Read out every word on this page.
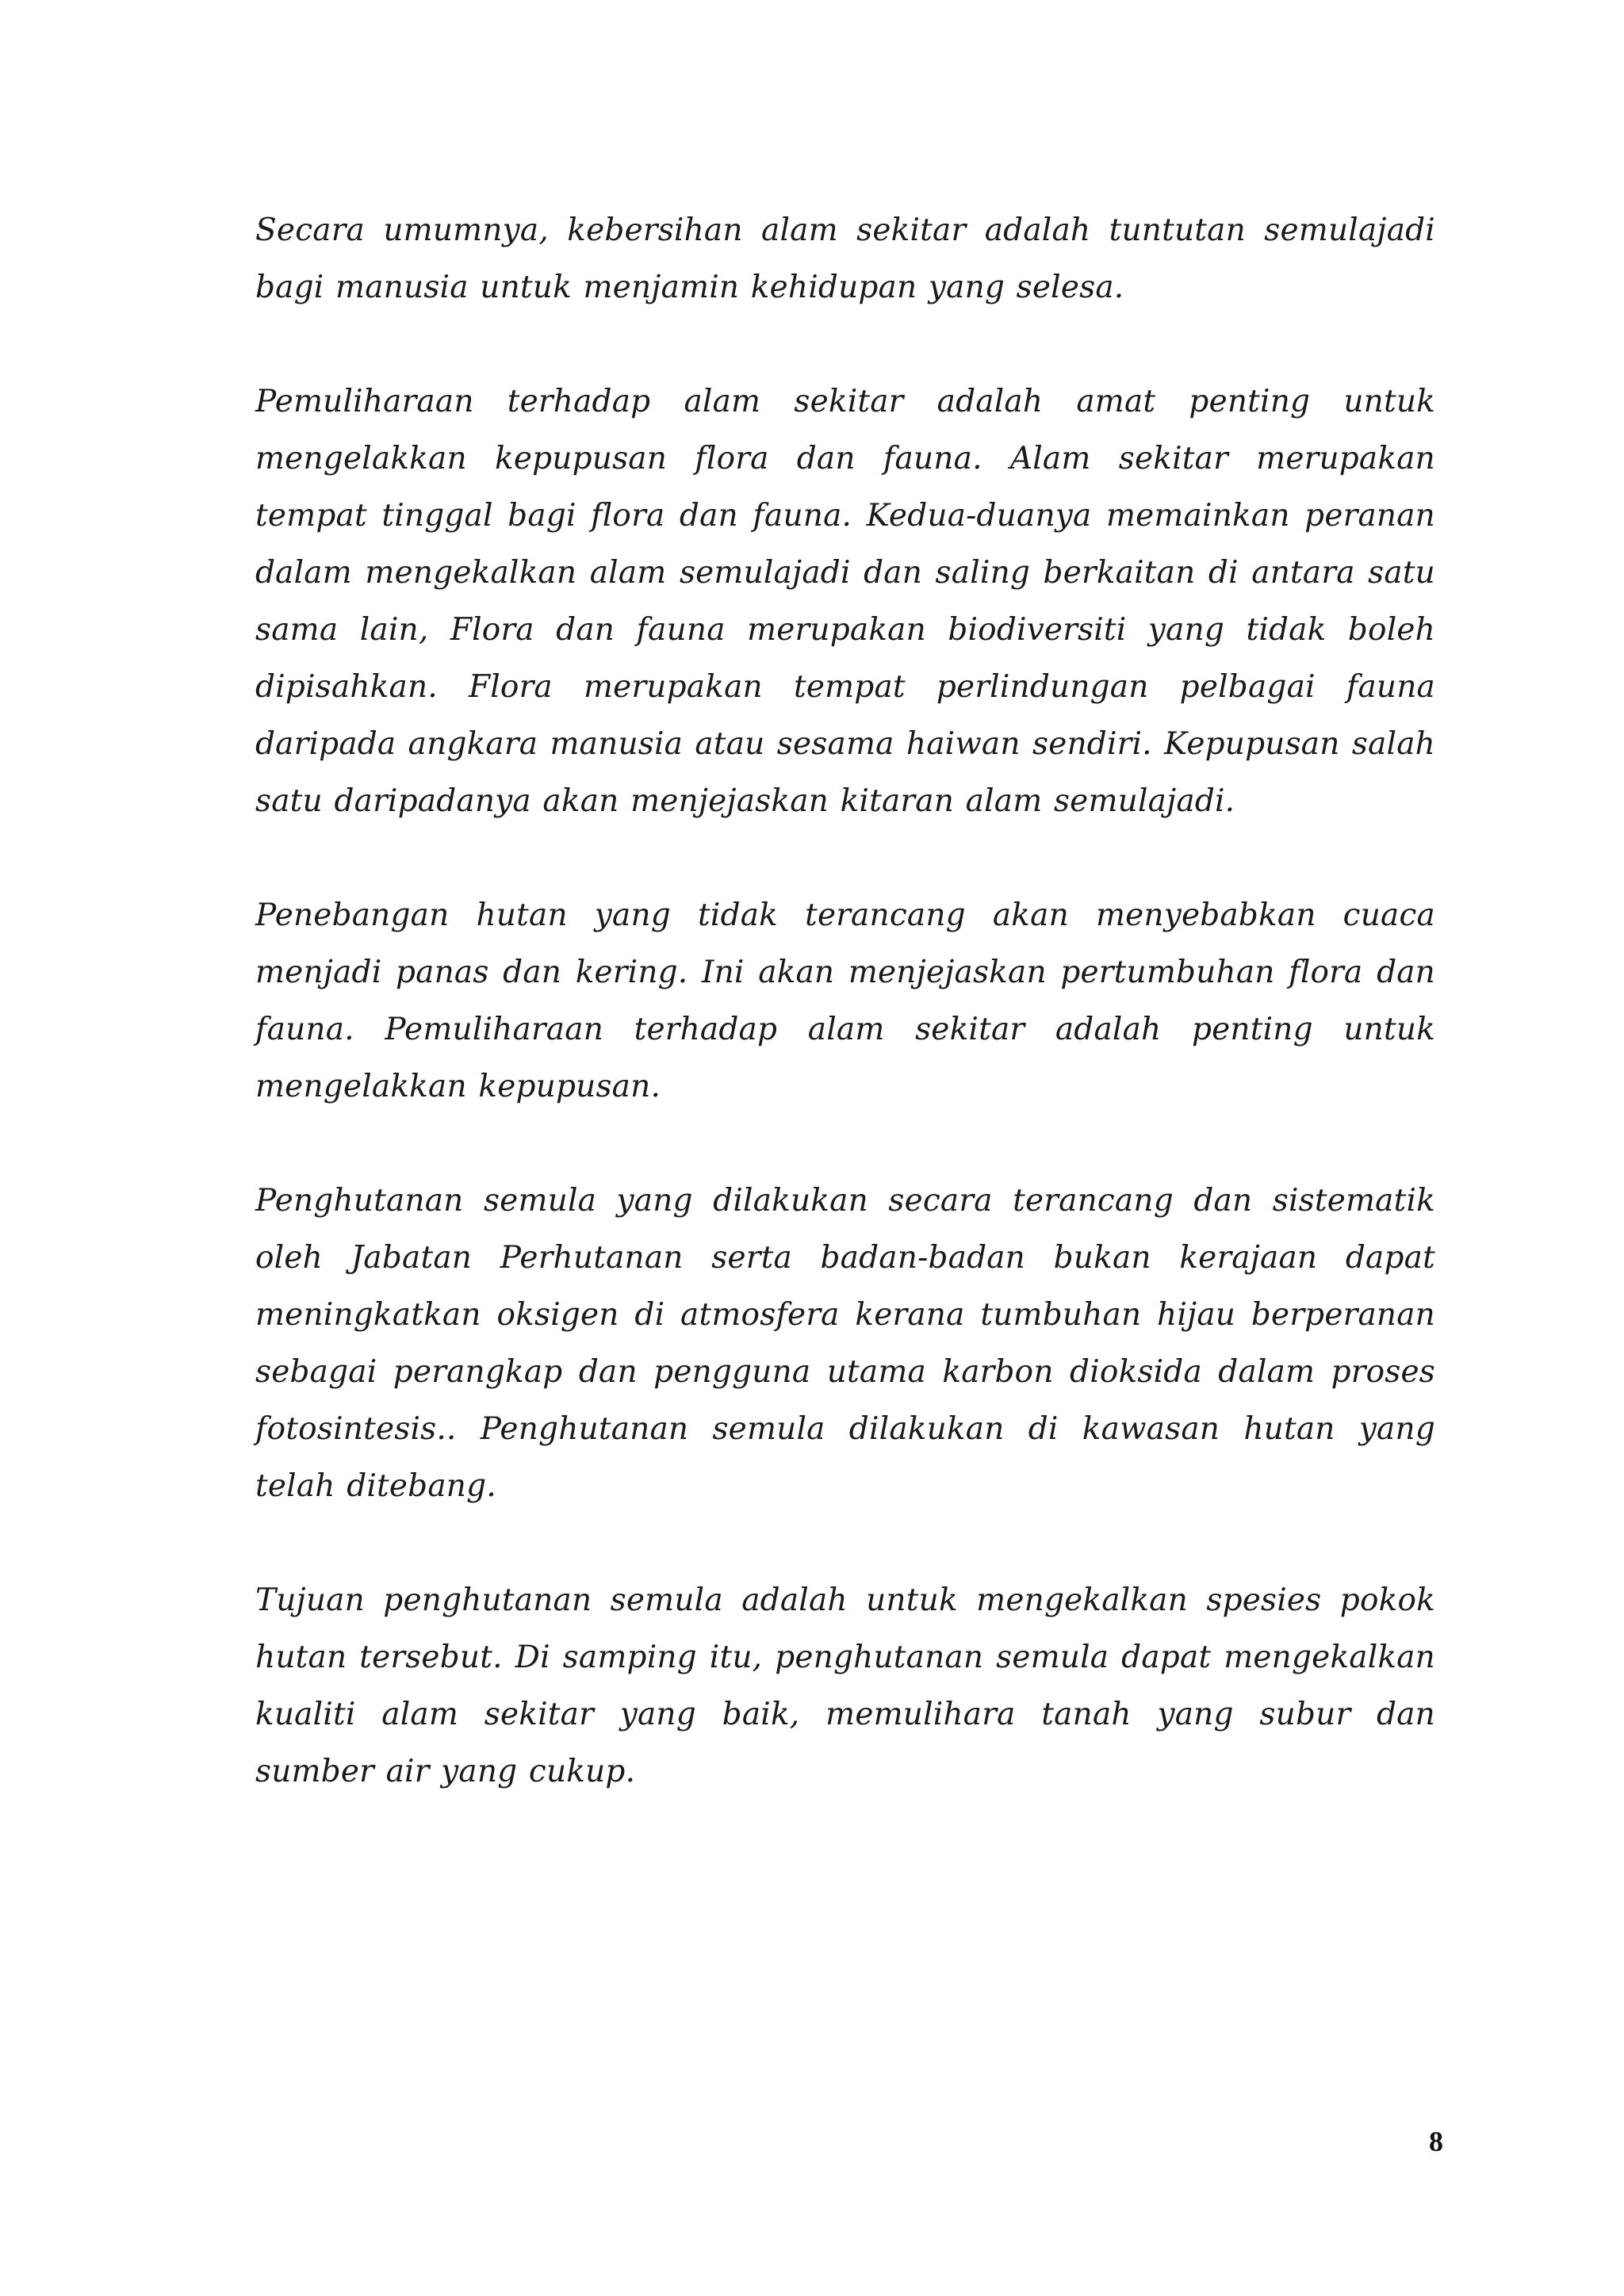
Secara umumnya, kebersihan alam sekitar adalah tuntutan semulajadi bagi manusia untuk menjamin kehidupan yang selesa.

Pemuliharaan terhadap alam sekitar adalah amat penting untuk mengelakkan kepupusan flora dan fauna. Alam sekitar merupakan tempat tinggal bagi flora dan fauna. Kedua-duanya memainkan peranan dalam mengekalkan alam semulajadi dan saling berkaitan di antara satu sama lain, Flora dan fauna merupakan biodiversiti yang tidak boleh dipisahkan. Flora merupakan tempat perlindungan pelbagai fauna daripada angkara manusia atau sesama haiwan sendiri. Kepupusan salah satu daripadanya akan menjejaskan kitaran alam semulajadi.

Penebangan hutan yang tidak terancang akan menyebabkan cuaca menjadi panas dan kering. Ini akan menjejaskan pertumbuhan flora dan fauna. Pemuliharaan terhadap alam sekitar adalah penting untuk mengelakkan kepupusan.

Penghutanan semula yang dilakukan secara terancang dan sistematik oleh Jabatan Perhutanan serta badan-badan bukan kerajaan dapat meningkatkan oksigen di atmosfera kerana tumbuhan hijau berperanan sebagai perangkap dan pengguna utama karbon dioksida dalam proses fotosintesis.. Penghutanan semula dilakukan di kawasan hutan yang telah ditebang.

Tujuan penghutanan semula adalah untuk mengekalkan spesies pokok hutan tersebut. Di samping itu, penghutanan semula dapat mengekalkan kualiti alam sekitar yang baik, memulihara tanah yang subur dan sumber air yang cukup.

8
